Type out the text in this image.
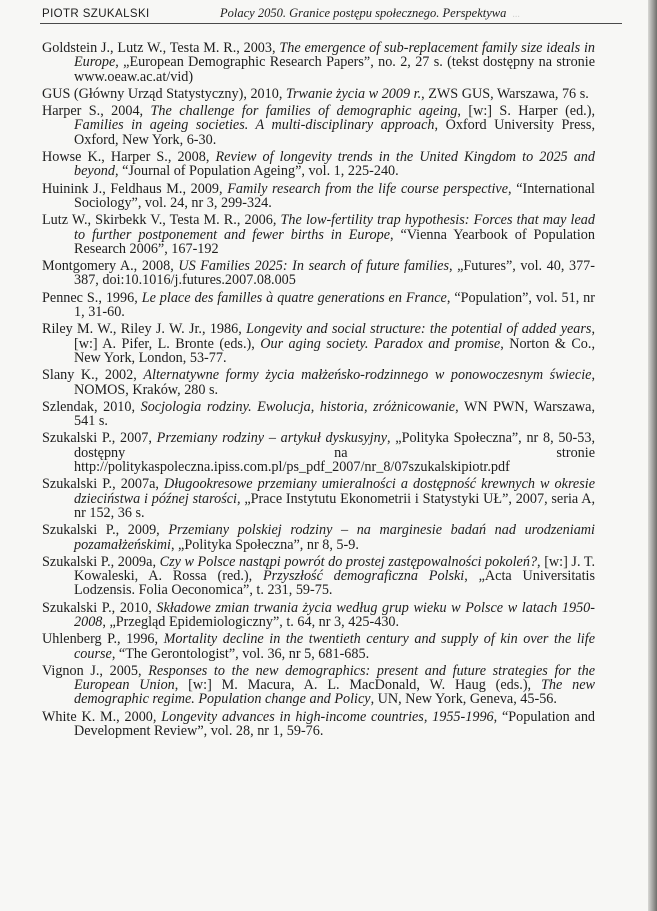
PIOTR SZUKALSKI	Polacy 2050. Granice postępu społecznego. Perspektywa ...
Goldstein J., Lutz W., Testa M. R., 2003, The emergence of sub-replacement family size ideals in Europe, „European Demographic Research Papers”, no. 2, 27 s. (tekst dostępny na stronie www.oeaw.ac.at/vid)
GUS (Główny Urząd Statystyczny), 2010, Trwanie życia w 2009 r., ZWS GUS, Warszawa, 76 s.
Harper S., 2004, The challenge for families of demographic ageing, [w:] S. Harper (ed.), Families in ageing societies. A multi-disciplinary approach, Oxford University Press, Oxford, New York, 6-30.
Howse K., Harper S., 2008, Review of longevity trends in the United Kingdom to 2025 and beyond, “Journal of Population Ageing”, vol. 1, 225-240.
Huinink J., Feldhaus M., 2009, Family research from the life course perspective, “International Sociology”, vol. 24, nr 3, 299-324.
Lutz W., Skirbekk V., Testa M. R., 2006, The low-fertility trap hypothesis: Forces that may lead to further postponement and fewer births in Europe, “Vienna Yearbook of Population Research 2006”, 167-192
Montgomery A., 2008, US Families 2025: In search of future families, „Futures”, vol. 40, 377-387, doi:10.1016/j.futures.2007.08.005
Pennec S., 1996, Le place des familles à quatre generations en France, “Population”, vol. 51, nr 1, 31-60.
Riley M. W., Riley J. W. Jr., 1986, Longevity and social structure: the potential of added years, [w:] A. Pifer, L. Bronte (eds.), Our aging society. Paradox and promise, Norton & Co., New York, London, 53-77.
Slany K., 2002, Alternatywne formy życia małżeńsko-rodzinnego w ponowoczesnym świecie, NOMOS, Kraków, 280 s.
Szlendak, 2010, Socjologia rodziny. Ewolucja, historia, zróżnicowanie, WN PWN, Warszawa, 541 s.
Szukalski P., 2007, Przemiany rodziny – artykuł dyskusyjny, „Polityka Społeczna”, nr 8, 50-53, dostępny na stronie http://politykaspoleczna.ipiss.com.pl/ps_pdf_2007/nr_8/07szukalskipiotr.pdf
Szukalski P., 2007a, Długookresowe przemiany umieralności a dostępność krewnych w okresie dzieciństwa i późnej starości, „Prace Instytutu Ekonometrii i Statystyki UŁ”, 2007, seria A, nr 152, 36 s.
Szukalski P., 2009, Przemiany polskiej rodziny – na marginesie badań nad urodzeniami pozamałżeńskimi, „Polityka Społeczna”, nr 8, 5-9.
Szukalski P., 2009a, Czy w Polsce nastąpi powrót do prostej zastępowalności pokoleń?, [w:] J. T. Kowaleski, A. Rossa (red.), Przyszłość demograficzna Polski, „Acta Universitatis Lodzensis. Folia Oeconomica”, t. 231, 59-75.
Szukalski P., 2010, Składowe zmian trwania życia według grup wieku w Polsce w latach 1950-2008, „Przegląd Epidemiologiczny”, t. 64, nr 3, 425-430.
Uhlenberg P., 1996, Mortality decline in the twentieth century and supply of kin over the life course, “The Gerontologist”, vol. 36, nr 5, 681-685.
Vignon J., 2005, Responses to the new demographics: present and future strategies for the European Union, [w:] M. Macura, A. L. MacDonald, W. Haug (eds.), The new demographic regime. Population change and Policy, UN, New York, Geneva, 45-56.
White K. M., 2000, Longevity advances in high-income countries, 1955-1996, “Population and Development Review”, vol. 28, nr 1, 59-76.
